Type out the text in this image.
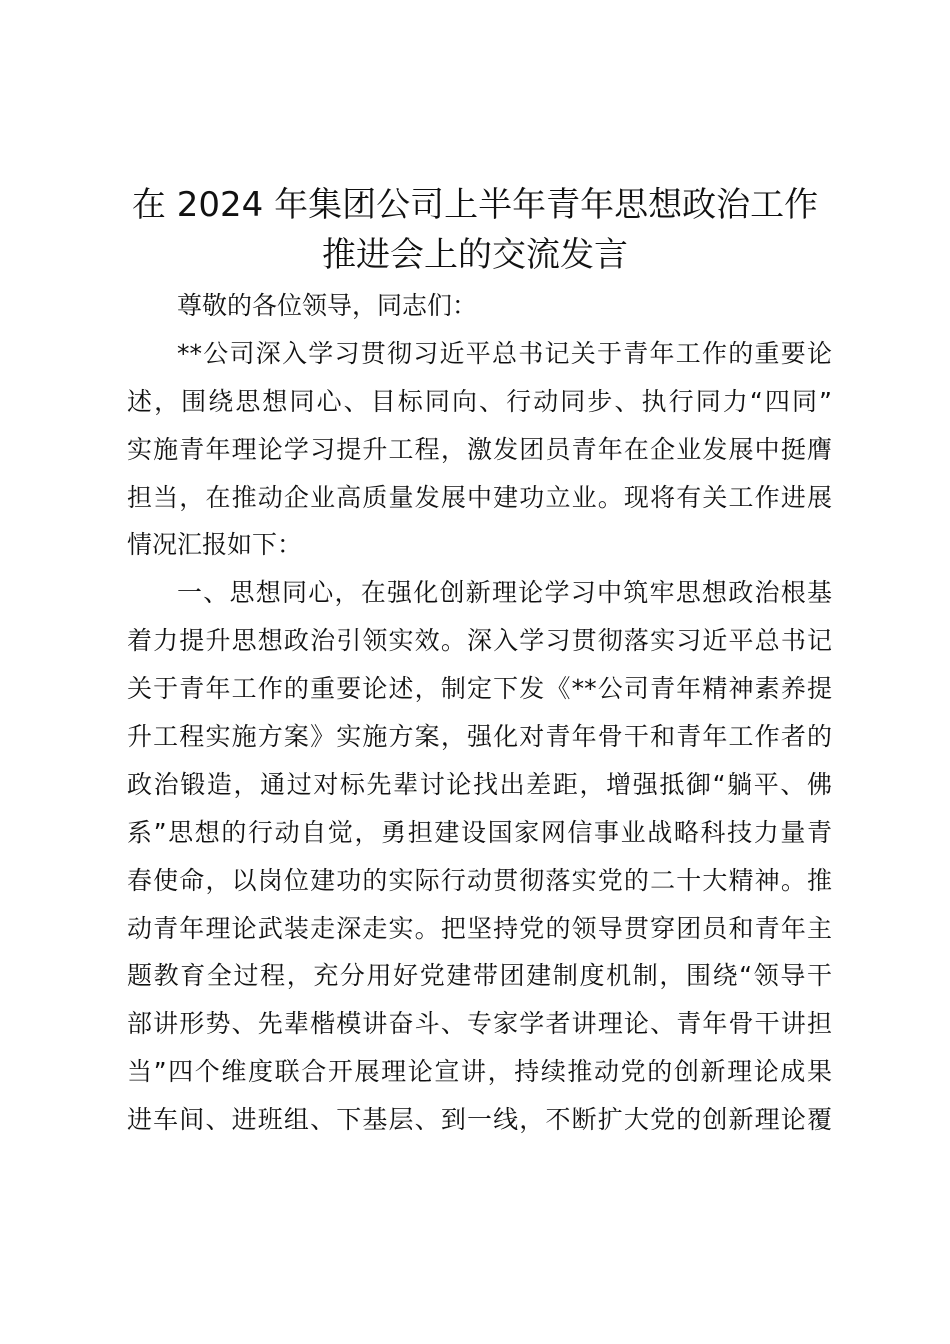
在 2024 年集团公司上半年青年思想政治工作
推进会上的交流发言
尊敬的各位领导，同志们：
**公司深入学习贯彻习近平总书记关于青年工作的重要论
述，围绕思想同心、目标同向、行动同步、执行同力“四同”
实施青年理论学习提升工程，激发团员青年在企业发展中挺膺
担当，在推动企业高质量发展中建功立业。现将有关工作进展
情况汇报如下：
一、思想同心，在强化创新理论学习中筑牢思想政治根基
着力提升思想政治引领实效。深入学习贯彻落实习近平总书记
关于青年工作的重要论述，制定下发《**公司青年精神素养提
升工程实施方案》实施方案，强化对青年骨干和青年工作者的
政治锻造，通过对标先辈讨论找出差距，增强抵御“躺平、佛
系”思想的行动自觉，勇担建设国家网信事业战略科技力量青
春使命，以岗位建功的实际行动贯彻落实党的二十大精神。推
动青年理论武装走深走实。把坚持党的领导贯穿团员和青年主
题教育全过程，充分用好党建带团建制度机制，围绕“领导干
部讲形势、先辈楷模讲奋斗、专家学者讲理论、青年骨干讲担
当”四个维度联合开展理论宣讲，持续推动党的创新理论成果
进车间、进班组、下基层、到一线，不断扩大党的创新理论覆
